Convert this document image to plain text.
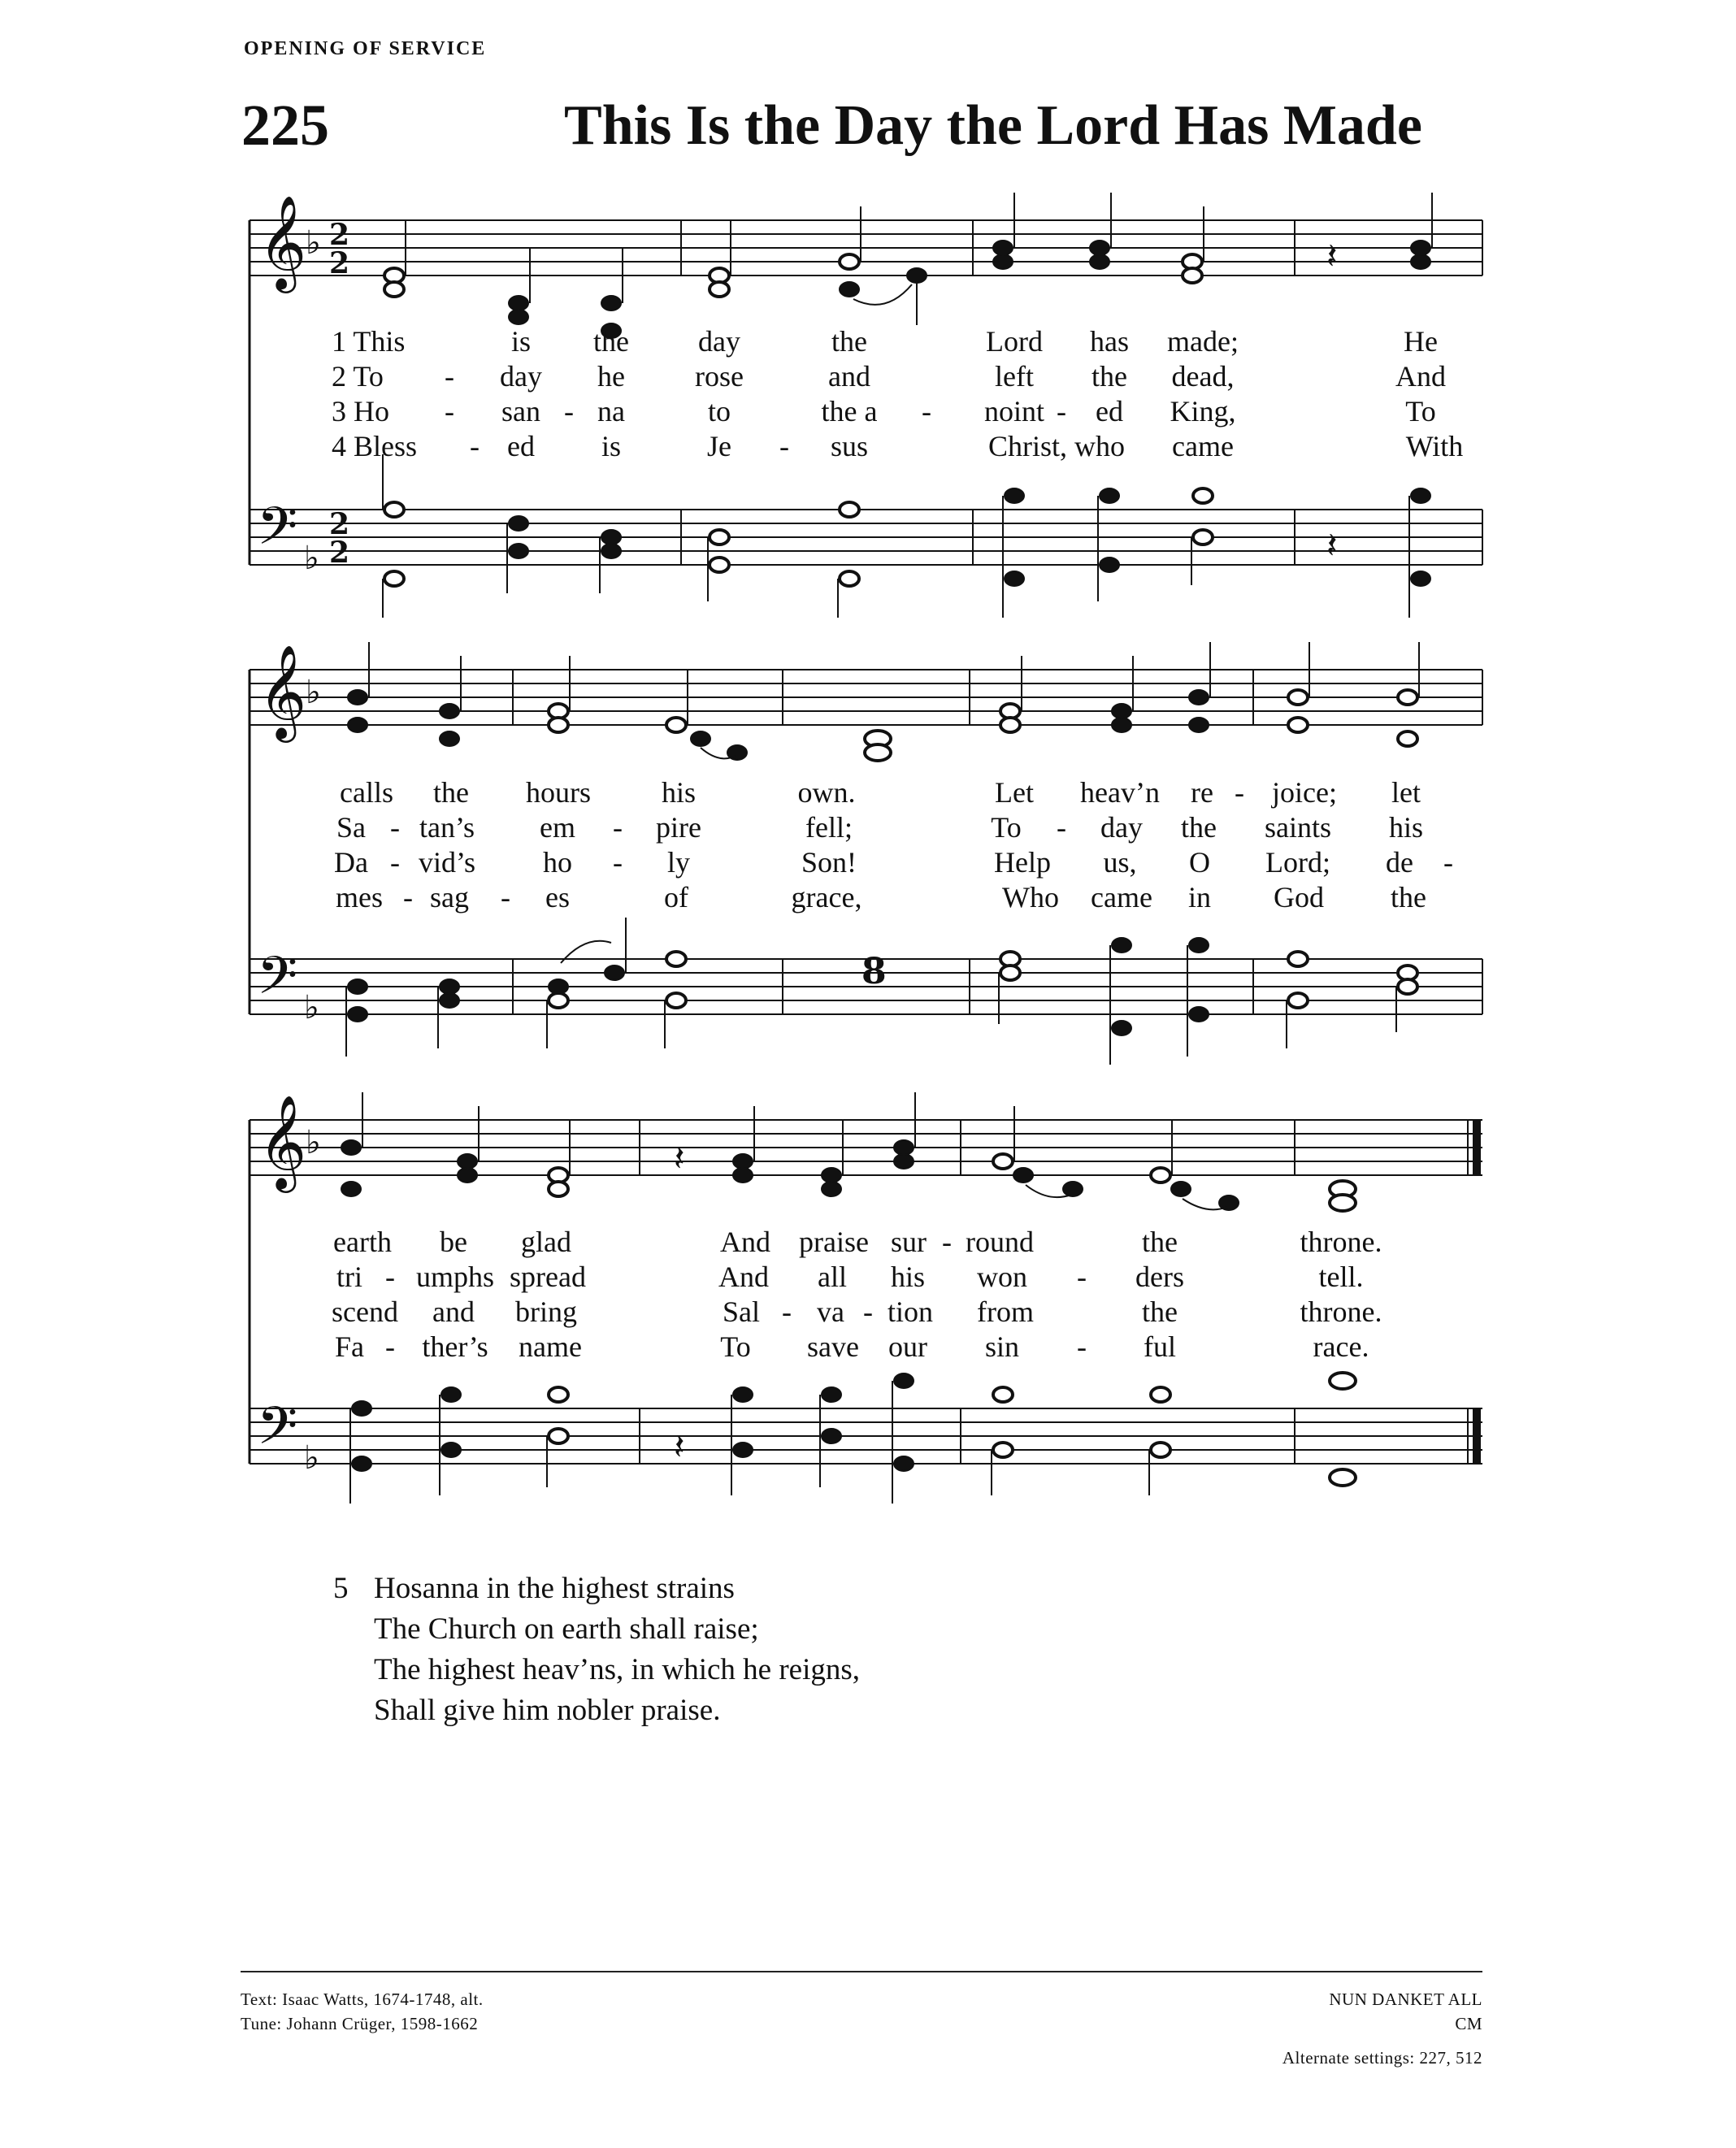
OPENING OF SERVICE
225	This Is the Day the Lord Has Made
𝄞
𝄞
𝄞
𝄢
𝄢
𝄢
♭
♭
♭
♭
♭
♭
2
2
2
2
𝄽
𝄽
8
𝄽
𝄽
1 This	is the day	the	Lord has made;	He
2 To - day he rose	and	left the dead,	And
3 Ho - san - na	to	the a - noint - ed King,	To
4 Bless - ed is	Je - sus	Christ, who came	With
calls the hours his	own.	Let heav’n re - joice; let
Sa - tan’s em - pire	fell;	To - day the saints his
Da - vid’s ho - ly	Son!	Help us, O Lord; de -
mes - sag - es	of	grace,	Who came in God the
earth be glad	And praise sur - round	the	throne.
tri - umphs spread	And all his won - ders	tell.
scend and bring	Sal - va - tion from	the	throne.
Fa - ther’s name	To save our sin - ful	race.
5 Hosanna in the highest strains
The Church on earth shall raise;
The highest heav’ns, in which he reigns,
Shall give him nobler praise.
Text: Isaac Watts, 1674-1748, alt.
Tune: Johann Crüger, 1598-1662
NUN DANKET ALL
CM
Alternate settings: 227, 512
